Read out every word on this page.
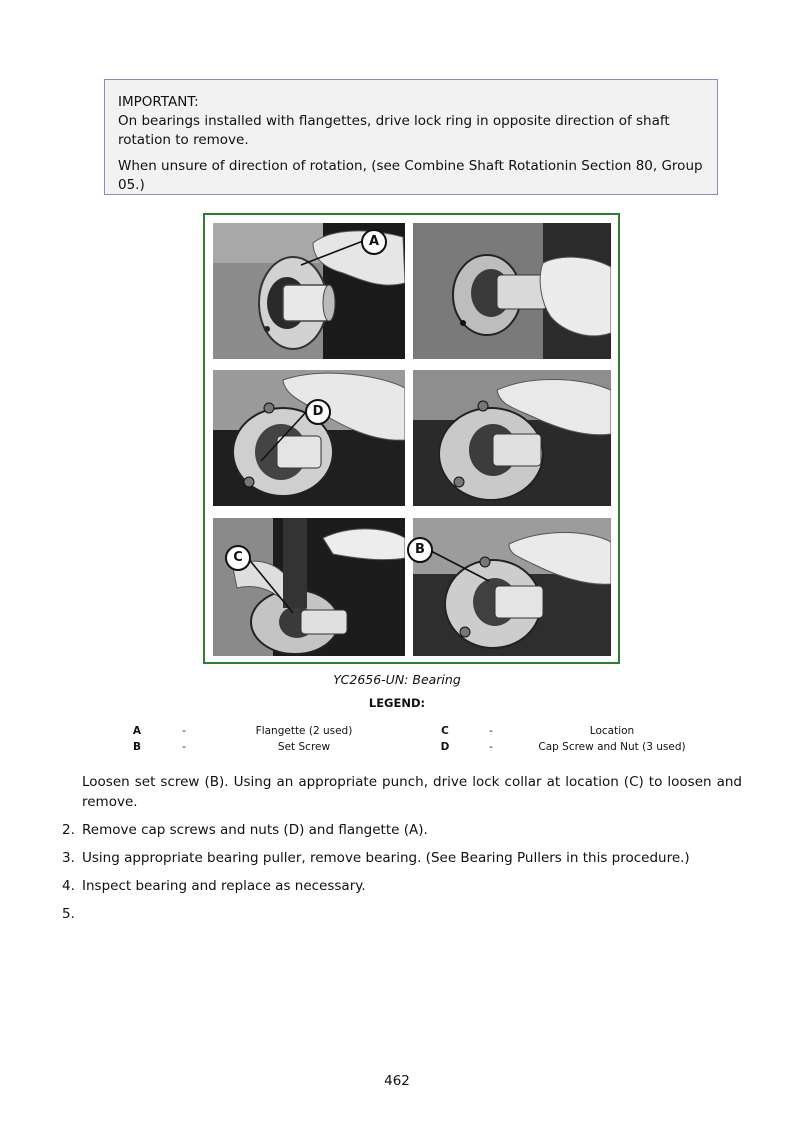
IMPORTANT:

On bearings installed with flangettes, drive lock ring in opposite direction of shaft rotation to remove.

When unsure of direction of rotation, (see Combine Shaft Rotationin Section 80, Group 05.)

A
D
C
B
YC2656-UN: Bearing
LEGEND:
A	-	Flangette (2 used)	C	-	Location
B	-	Set Screw	D	-	Cap Screw and Nut (3 used)
Loosen set screw (B). Using an appropriate punch, drive lock collar at location (C) to loosen and remove.
2. Remove cap screws and nuts (D) and flangette (A).
3. Using appropriate bearing puller, remove bearing. (See Bearing Pullers in this procedure.)
4. Inspect bearing and replace as necessary.
5.
462
